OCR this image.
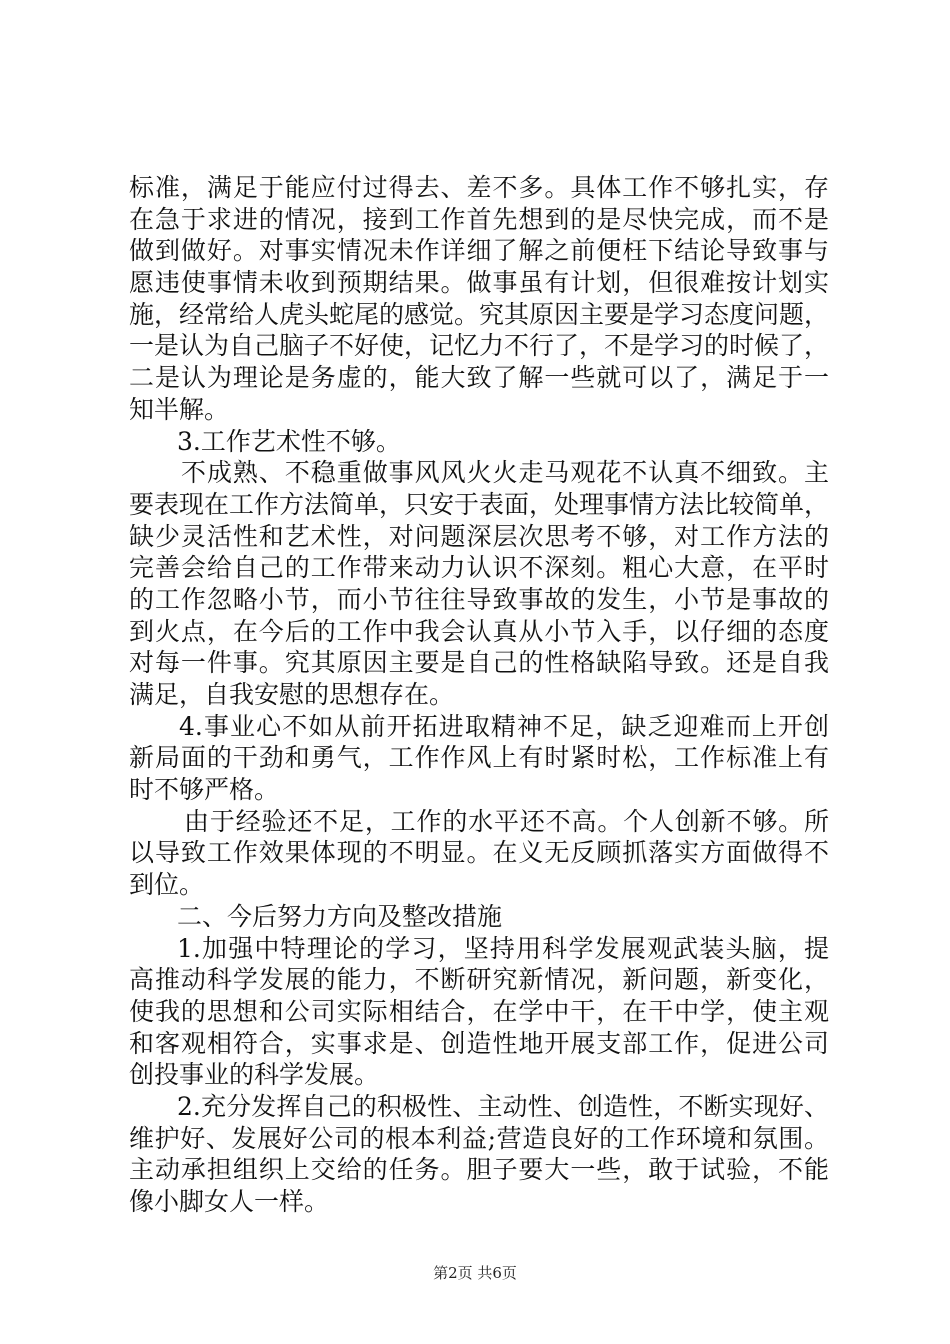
标准，满足于能应付过得去、差不多。具体工作不够扎实，存
在急于求进的情况，接到工作首先想到的是尽快完成，而不是
做到做好。对事实情况未作详细了解之前便枉下结论导致事与
愿违使事情未收到预期结果。做事虽有计划，但很难按计划实
施，经常给人虎头蛇尾的感觉。究其原因主要是学习态度问题，
一是认为自己脑子不好使，记忆力不行了，不是学习的时候了，
二是认为理论是务虚的，能大致了解一些就可以了，满足于一
知半解。
3.工作艺术性不够。
不成熟、不稳重做事风风火火走马观花不认真不细致。主
要表现在工作方法简单，只安于表面，处理事情方法比较简单，
缺少灵活性和艺术性，对问题深层次思考不够，对工作方法的
完善会给自己的工作带来动力认识不深刻。粗心大意，在平时
的工作忽略小节，而小节往往导致事故的发生，小节是事故的
到火点，在今后的工作中我会认真从小节入手，以仔细的态度
对每一件事。究其原因主要是自己的性格缺陷导致。还是自我
满足，自我安慰的思想存在。
4.事业心不如从前开拓进取精神不足，缺乏迎难而上开创
新局面的干劲和勇气，工作作风上有时紧时松，工作标准上有
时不够严格。
由于经验还不足，工作的水平还不高。个人创新不够。所
以导致工作效果体现的不明显。在义无反顾抓落实方面做得不
到位。
二、今后努力方向及整改措施
1.加强中特理论的学习，坚持用科学发展观武装头脑，提
高推动科学发展的能力，不断研究新情况，新问题，新变化，
使我的思想和公司实际相结合，在学中干，在干中学，使主观
和客观相符合，实事求是、创造性地开展支部工作，促进公司
创投事业的科学发展。
2.充分发挥自己的积极性、主动性、创造性，不断实现好、
维护好、发展好公司的根本利益;营造良好的工作环境和氛围。
主动承担组织上交给的任务。胆子要大一些，敢于试验，不能
像小脚女人一样。
第2页 共6页
